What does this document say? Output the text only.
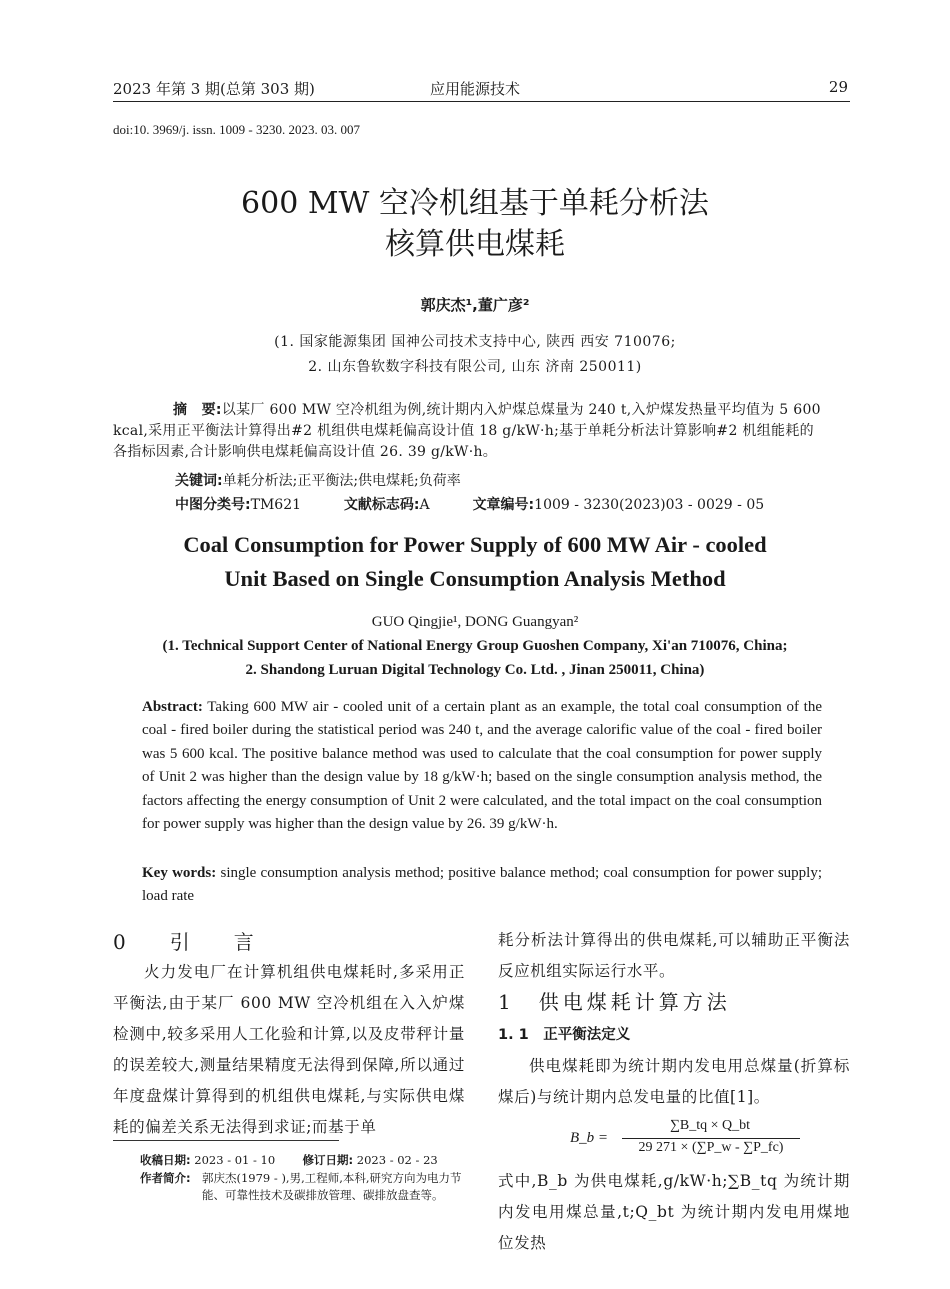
2023 年第 3 期(总第 303 期)	应用能源技术	29
doi:10. 3969/j. issn. 1009 - 3230. 2023. 03. 007
600 MW 空冷机组基于单耗分析法
核算供电煤耗
郭庆杰¹,董广彦²
(1. 国家能源集团 国神公司技术支持中心, 陕西 西安 710076;
2. 山东鲁软数字科技有限公司, 山东 济南 250011)
摘　要:以某厂 600 MW 空冷机组为例,统计期内入炉煤总煤量为 240 t,入炉煤发热量平均值为 5 600 kcal,采用正平衡法计算得出#2 机组供电煤耗偏高设计值 18 g/kW·h;基于单耗分析法计算影响#2 机组能耗的各指标因素,合计影响供电煤耗偏高设计值 26. 39 g/kW·h。
关键词:单耗分析法;正平衡法;供电煤耗;负荷率
中图分类号:TM621	文献标志码:A	文章编号:1009 - 3230(2023)03 - 0029 - 05
Coal Consumption for Power Supply of 600 MW Air - cooled
Unit Based on Single Consumption Analysis Method
GUO Qingjie¹, DONG Guangyan²
(1. Technical Support Center of National Energy Group Guoshen Company, Xi'an 710076, China;
2. Shandong Luruan Digital Technology Co. Ltd. , Jinan 250011, China)
Abstract: Taking 600 MW air - cooled unit of a certain plant as an example, the total coal consumption of the coal - fired boiler during the statistical period was 240 t, and the average calorific value of the coal - fired boiler was 5 600 kcal. The positive balance method was used to calculate that the coal consumption for power supply of Unit 2 was higher than the design value by 18 g/kW·h; based on the single consumption analysis method, the factors affecting the energy consumption of Unit 2 were calculated, and the total impact on the coal consumption for power supply was higher than the design value by 26. 39 g/kW·h.
Key words: single consumption analysis method; positive balance method; coal consumption for power supply; load rate
0　引　言
火力发电厂在计算机组供电煤耗时,多采用正平衡法,由于某厂 600 MW 空冷机组在入入炉煤检测中,较多采用人工化验和计算,以及皮带秤计量的误差较大,测量结果精度无法得到保障,所以通过年度盘煤计算得到的机组供电煤耗,与实际供电煤耗的偏差关系无法得到求证;而基于单
收稿日期: 2023 - 01 - 10 修订日期: 2023 - 02 - 23
作者简介: 郭庆杰(1979 - ),男,工程师,本科,研究方向为电力节能、可靠性技术及碳排放管理、碳排放盘查等。
耗分析法计算得出的供电煤耗,可以辅助正平衡法反应机组实际运行水平。
1　供电煤耗计算方法
1. 1　正平衡法定义
供电煤耗即为统计期内发电用总煤量(折算标煤后)与统计期内总发电量的比值[1]。
B_b =
∑B_tq × Q_bt
29 271 × (∑P_w - ∑P_fc)
式中,B_b 为供电煤耗,g/kW·h;∑B_tq 为统计期内发电用煤总量,t;Q_bt 为统计期内发电用煤地位发热
